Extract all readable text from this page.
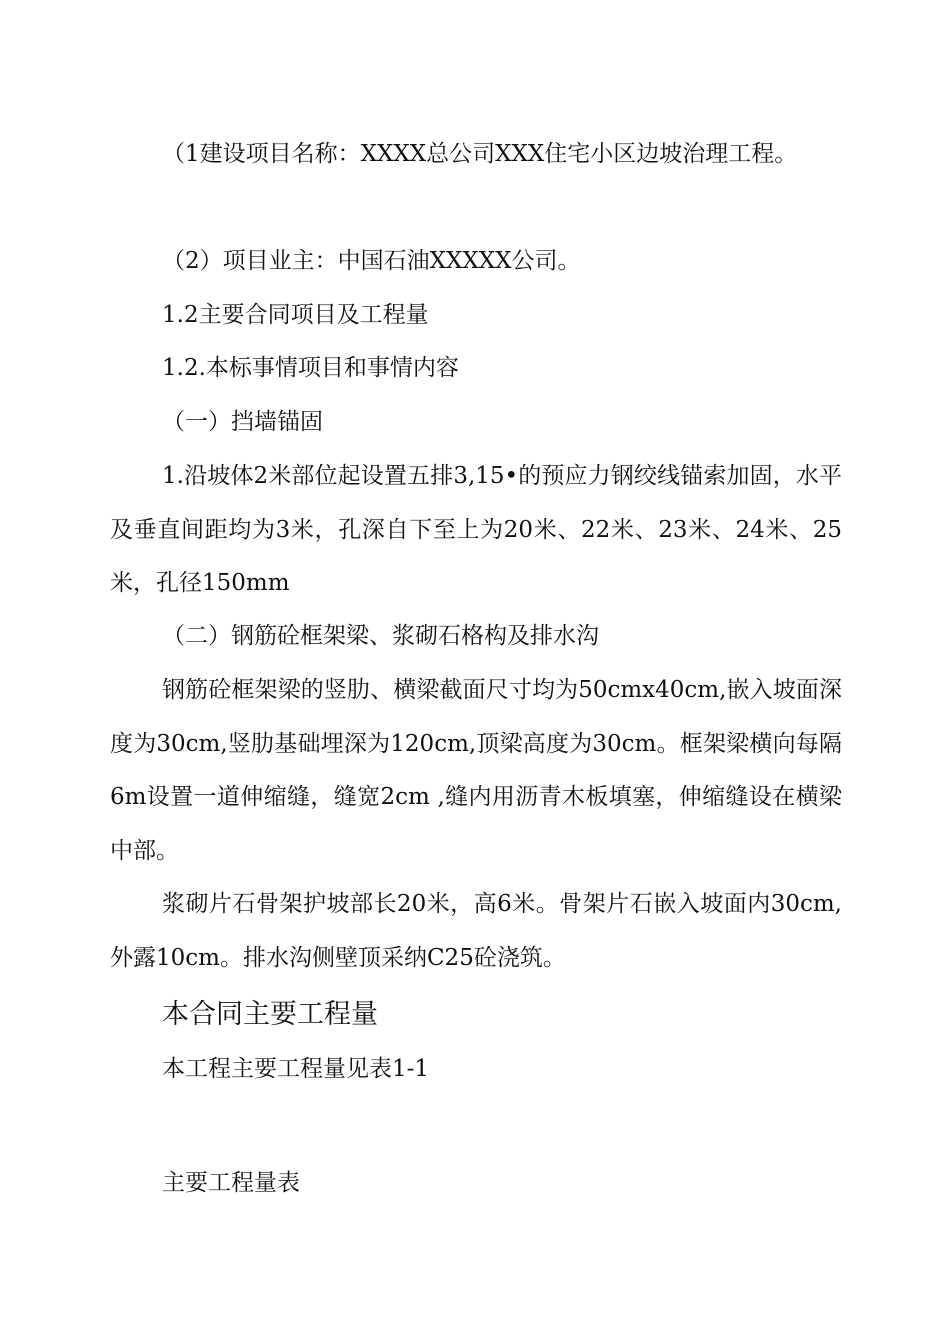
（1建设项目名称：XXXX总公司XXX住宅小区边坡治理工程。

（2）项目业主：中国石油XXXXX公司。

1.2主要合同项目及工程量

1.2.本标事情项目和事情内容

（一）挡墙锚固

1.沿坡体2米部位起设置五排3,15•的预应力钢绞线锚索加固，水平及垂直间距均为3米，孔深自下至上为20米、22米、23米、24米、25米，孔径150mm

（二）钢筋砼框架梁、浆砌石格构及排水沟

钢筋砼框架梁的竖肋、横梁截面尺寸均为50cmx40cm,嵌入坡面深度为30cm,竖肋基础埋深为120cm,顶梁高度为30cm。框架梁横向每隔6m设置一道伸缩缝，缝宽2cm ,缝内用沥青木板填塞，伸缩缝设在横梁中部。

浆砌片石骨架护坡部长20米，高6米。骨架片石嵌入坡面内30cm,外露10cm。排水沟侧壁顶采纳C25砼浇筑。

本合同主要工程量

本工程主要工程量见表1-1

主要工程量表
